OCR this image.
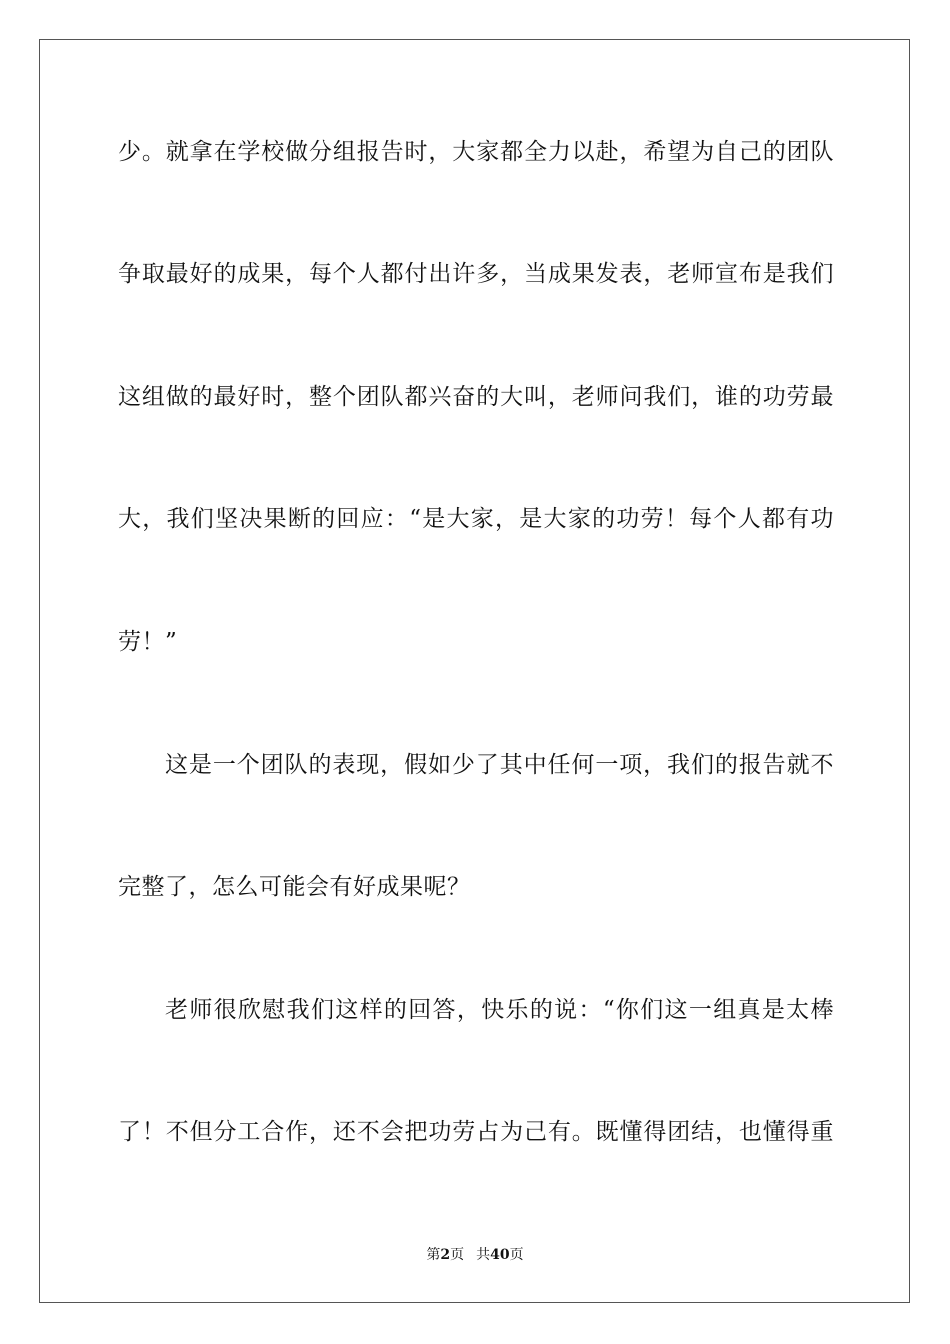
少。就拿在学校做分组报告时，大家都全力以赴，希望为自己的团队

争取最好的成果，每个人都付出许多，当成果发表，老师宣布是我们

这组做的最好时，整个团队都兴奋的大叫，老师问我们，谁的功劳最

大，我们坚决果断的回应：“是大家，是大家的功劳！每个人都有功

劳！”

这是一个团队的表现，假如少了其中任何一项，我们的报告就不

完整了，怎么可能会有好成果呢？

老师很欣慰我们这样的回答，快乐的说：“你们这一组真是太棒

了！不但分工合作，还不会把功劳占为己有。既懂得团结，也懂得重

第2页 共40页
